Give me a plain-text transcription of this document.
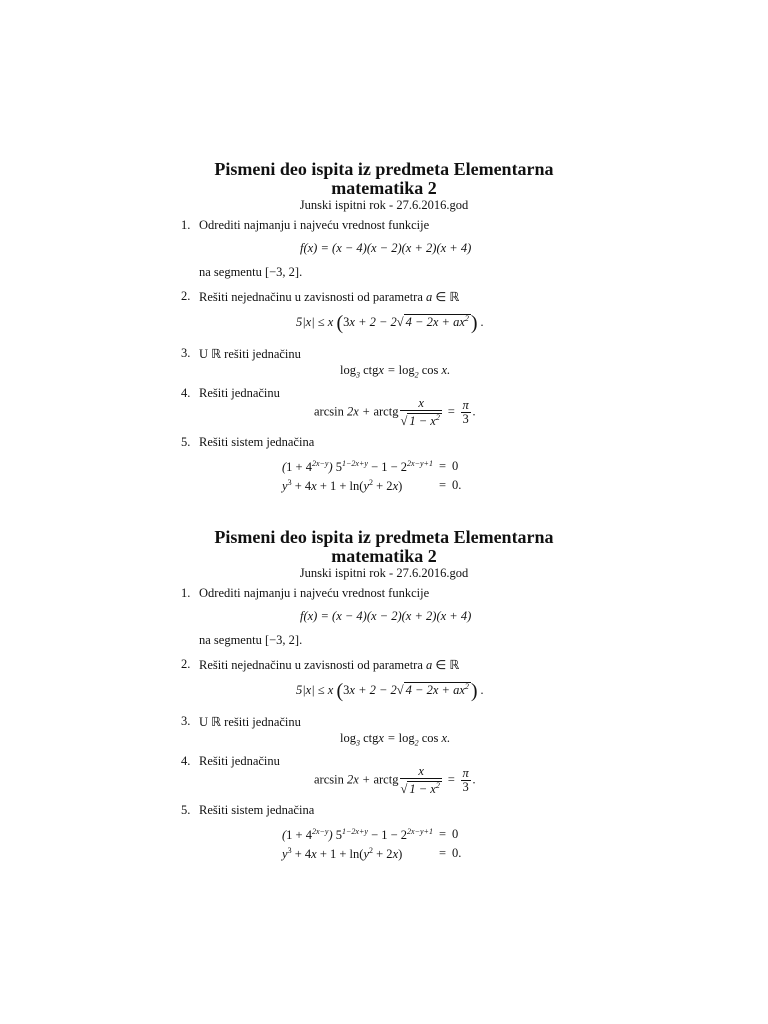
Pismeni deo ispita iz predmeta Elementarna
matematika 2
Junski ispitni rok - 27.6.2016.god
1. Odrediti najmanju i najveću vrednost funkcije
f(x) = (x − 4)(x − 2)(x + 2)(x + 4)
na segmentu [−3, 2].
2. Rešiti nejednačinu u zavisnosti od parametra a ∈ ℝ
5|x| ≤ x (3x + 2 − 2√ $4 - 2x + ax^2$ ) .
3. U ℝ rešiti jednačinu
$\log_3$ ctgx = $\log_2 \cos x$.
4. Rešiti jednačinu
arcsin 2x + arctg $\frac{x}{√ 1 - x^2} = \frac{\pi}{3}$ .
5. Rešiti sistem jednačina
$(1 + 4^{2x-y})$ $5^{1-2x+y} - 1 - 2^{2x-y+1}$	=	0
$y^3 + 4x + 1 + \ln(y^2 + 2x)$	=	0.
Pismeni deo ispita iz predmeta Elementarna
matematika 2
Junski ispitni rok - 27.6.2016.god
1. Odrediti najmanju i najveću vrednost funkcije
f(x) = (x − 4)(x − 2)(x + 2)(x + 4)
na segmentu [−3, 2].
2. Rešiti nejednačinu u zavisnosti od parametra a ∈ ℝ
5|x| ≤ x (3x + 2 − 2√ $4 - 2x + ax^2$ ) .
3. U ℝ rešiti jednačinu
$\log_3$ ctgx = $\log_2 \cos x$.
4. Rešiti jednačinu
arcsin 2x + arctg $\frac{x}{√ 1 - x^2} = \frac{\pi}{3}$ .
5. Rešiti sistem jednačina
$(1 + 4^{2x-y})$ $5^{1-2x+y} - 1 - 2^{2x-y+1}$	=	0
$y^3 + 4x + 1 + \ln(y^2 + 2x)$	=	0.
